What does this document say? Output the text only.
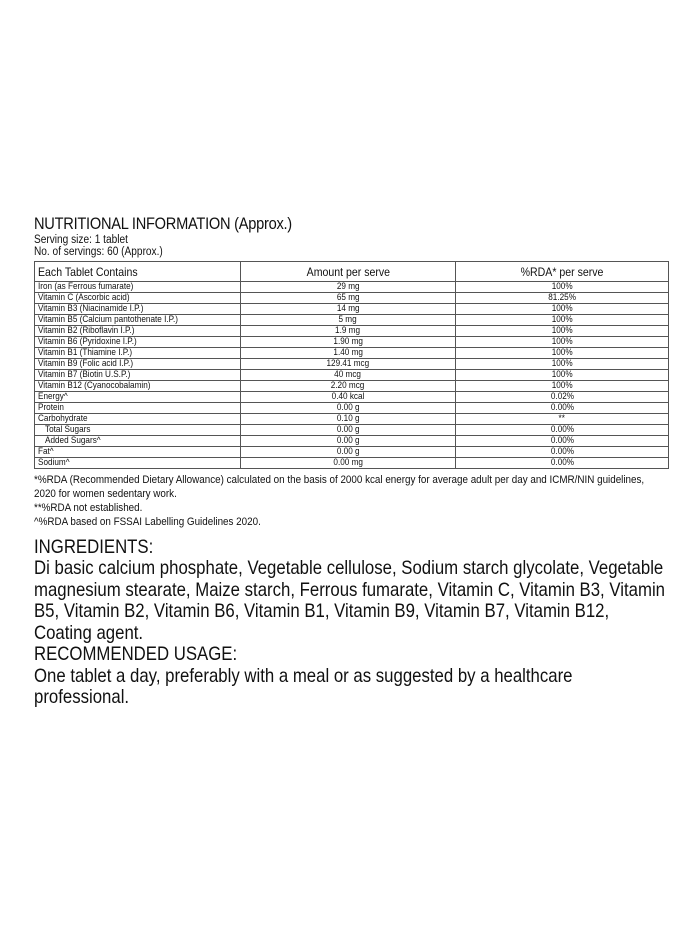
NUTRITIONAL INFORMATION (Approx.)
Serving size: 1 tablet
No. of servings: 60 (Approx.)
Each Tablet Contains	Amount per serve	%RDA* per serve
Iron (as Ferrous fumarate)	29 mg	100%
Vitamin C (Ascorbic acid)	65 mg	81.25%
Vitamin B3 (Niacinamide I.P.)	14 mg	100%
Vitamin B5 (Calcium pantothenate I.P.)	5 mg	100%
Vitamin B2 (Riboflavin I.P.)	1.9 mg	100%
Vitamin B6 (Pyridoxine I.P.)	1.90 mg	100%
Vitamin B1 (Thiamine I.P.)	1.40 mg	100%
Vitamin B9 (Folic acid I.P.)	129.41 mcg	100%
Vitamin B7 (Biotin U.S.P.)	40 mcg	100%
Vitamin B12 (Cyanocobalamin)	2.20 mcg	100%
Energy^	0.40 kcal	0.02%
Protein	0.00 g	0.00%
Carbohydrate	0.10 g	**
Total Sugars	0.00 g	0.00%
Added Sugars^	0.00 g	0.00%
Fat^	0.00 g	0.00%
Sodium^	0.00 mg	0.00%
*%RDA (Recommended Dietary Allowance) calculated on the basis of 2000 kcal energy for average adult per day and ICMR/NIN guidelines, 2020 for women sedentary work.
**%RDA not established.
^%RDA based on FSSAI Labelling Guidelines 2020.
INGREDIENTS:
Di basic calcium phosphate, Vegetable cellulose, Sodium starch glycolate, Vegetable magnesium stearate, Maize starch, Ferrous fumarate, Vitamin C, Vitamin B3, Vitamin B5, Vitamin B2, Vitamin B6, Vitamin B1, Vitamin B9, Vitamin B7, Vitamin B12, Coating agent.
RECOMMENDED USAGE:
One tablet a day, preferably with a meal or as suggested by a healthcare professional.
